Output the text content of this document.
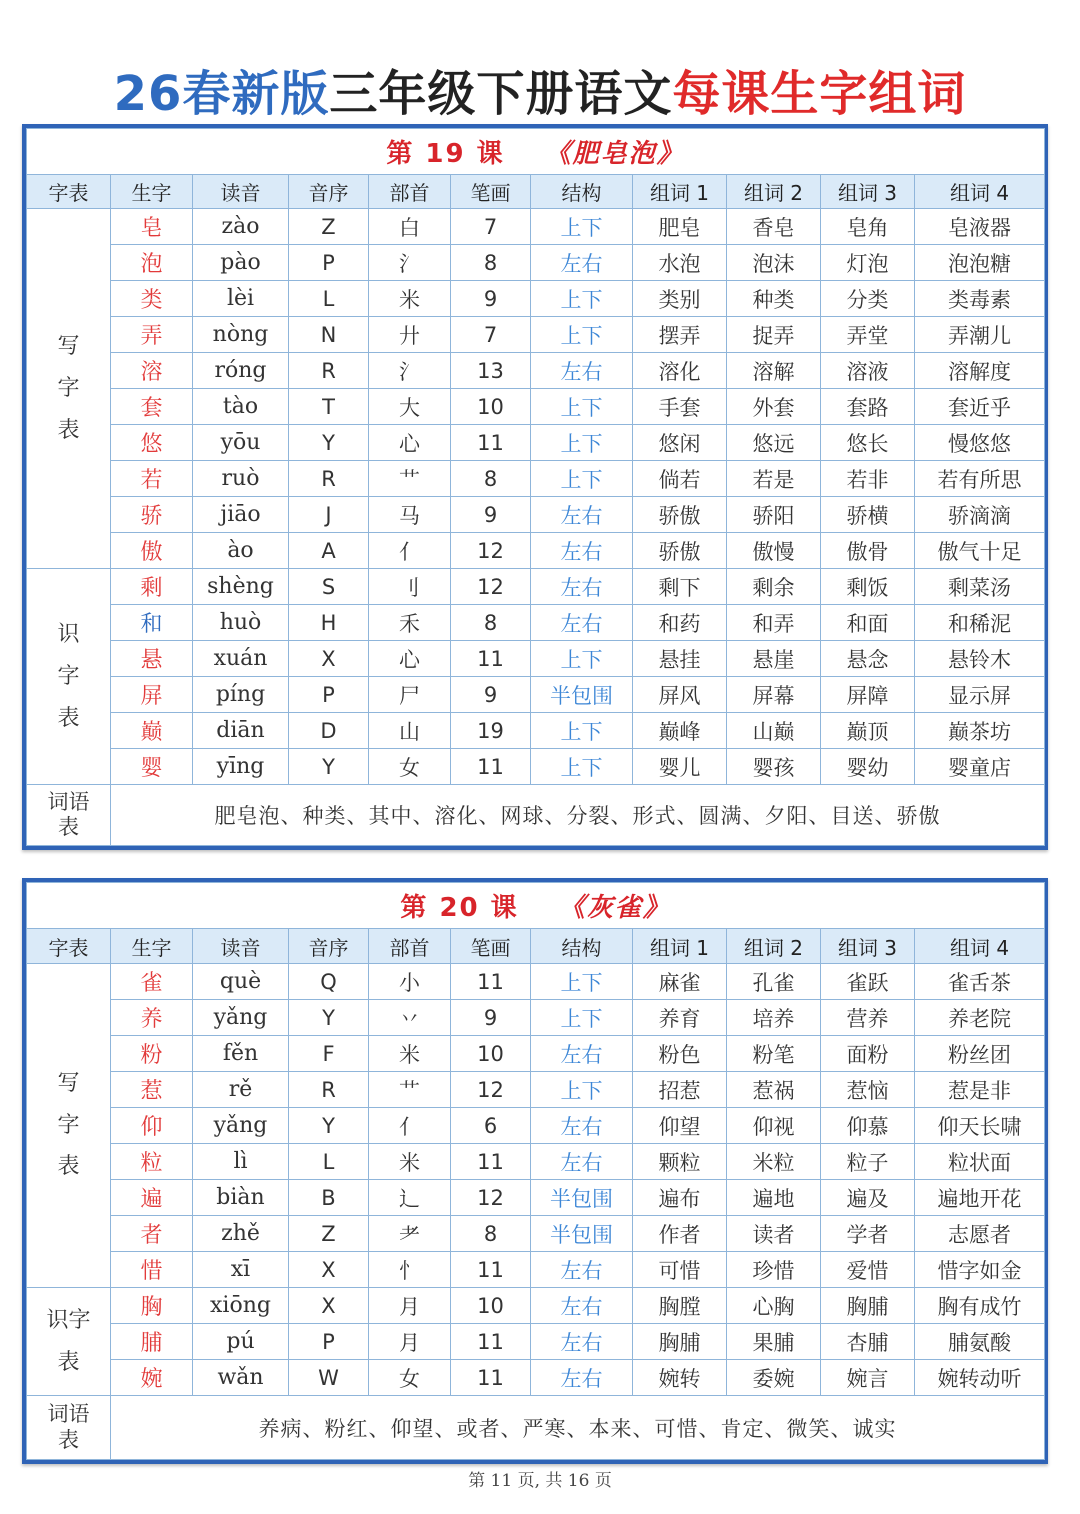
26春新版三年级下册语文每课生字组词
第 19 课 《肥皂泡》										
字表	生字	读音	音序	部首	笔画	结构	组词 1	组词 2	组词 3	组词 4
写
字
表	皂	zào	Z	白	7	上下	肥皂	香皂	皂角	皂液器
	泡	pào	P	氵	8	左右	水泡	泡沫	灯泡	泡泡糖
	类	lèi	L	米	9	上下	类别	种类	分类	类毒素
	弄	nòng	N	廾	7	上下	摆弄	捉弄	弄堂	弄潮儿
	溶	róng	R	氵	13	左右	溶化	溶解	溶液	溶解度
	套	tào	T	大	10	上下	手套	外套	套路	套近乎
	悠	yōu	Y	心	11	上下	悠闲	悠远	悠长	慢悠悠
	若	ruò	R	艹	8	上下	倘若	若是	若非	若有所思
	骄	jiāo	J	马	9	左右	骄傲	骄阳	骄横	骄滴滴
	傲	ào	A	亻	12	左右	骄傲	傲慢	傲骨	傲气十足
识
字
表	剩	shèng	S	刂	12	左右	剩下	剩余	剩饭	剩菜汤
	和	huò	H	禾	8	左右	和药	和弄	和面	和稀泥
	悬	xuán	X	心	11	上下	悬挂	悬崖	悬念	悬铃木
	屏	píng	P	尸	9	半包围	屏风	屏幕	屏障	显示屏
	巅	diān	D	山	19	上下	巅峰	山巅	巅顶	巅茶坊
	婴	yīng	Y	女	11	上下	婴儿	婴孩	婴幼	婴童店
词语
表	肥皂泡、种类、其中、溶化、网球、分裂、形式、圆满、夕阳、目送、骄傲									
第 20 课 《灰雀》										
字表	生字	读音	音序	部首	笔画	结构	组词 1	组词 2	组词 3	组词 4
写
字
表	雀	què	Q	小	11	上下	麻雀	孔雀	雀跃	雀舌茶
	养	yǎng	Y	丷	9	上下	养育	培养	营养	养老院
	粉	fěn	F	米	10	左右	粉色	粉笔	面粉	粉丝团
	惹	rě	R	艹	12	上下	招惹	惹祸	惹恼	惹是非
	仰	yǎng	Y	亻	6	左右	仰望	仰视	仰慕	仰天长啸
	粒	lì	L	米	11	左右	颗粒	米粒	粒子	粒状面
	遍	biàn	B	辶	12	半包围	遍布	遍地	遍及	遍地开花
	者	zhě	Z	耂	8	半包围	作者	读者	学者	志愿者
	惜	xī	X	忄	11	左右	可惜	珍惜	爱惜	惜字如金
识字
表	胸	xiōng	X	月	10	左右	胸膛	心胸	胸脯	胸有成竹
	脯	pú	P	月	11	左右	胸脯	果脯	杏脯	脯氨酸
	婉	wǎn	W	女	11	左右	婉转	委婉	婉言	婉转动听
词语
表	养病、粉红、仰望、或者、严寒、本来、可惜、肯定、微笑、诚实									
第 11 页, 共 16 页
